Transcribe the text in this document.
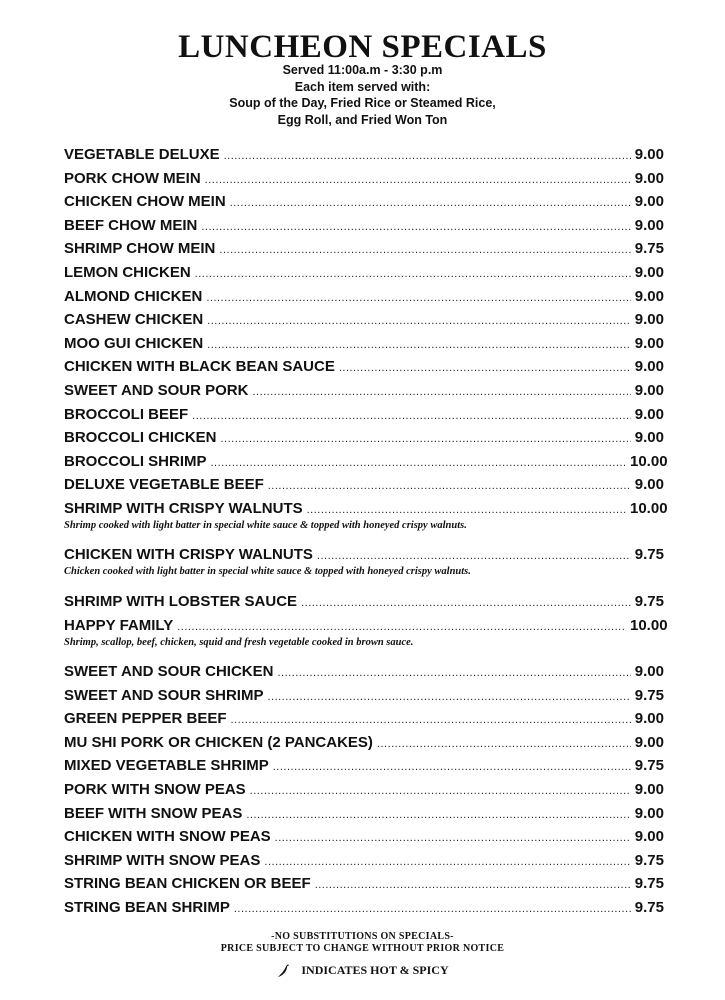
LUNCHEON SPECIALS
Served 11:00a.m - 3:30 p.m
Each item served with:
Soup of the Day, Fried Rice or Steamed Rice,
Egg Roll, and Fried Won Ton
VEGETABLE DELUXE .....	9.00
PORK CHOW MEIN .....	9.00
CHICKEN CHOW MEIN .....	9.00
BEEF CHOW MEIN .....	9.00
SHRIMP CHOW MEIN .....	9.75
LEMON CHICKEN .....	9.00
ALMOND CHICKEN .....	9.00
CASHEW CHICKEN .....	9.00
MOO GUI CHICKEN .....	9.00
CHICKEN WITH BLACK BEAN SAUCE .....	9.00
SWEET AND SOUR PORK .....	9.00
BROCCOLI BEEF .....	9.00
BROCCOLI CHICKEN .....	9.00
BROCCOLI SHRIMP .....	10.00
DELUXE VEGETABLE BEEF .....	9.00
SHRIMP WITH CRISPY WALNUTS .....	10.00
Shrimp cooked with light batter in special white sauce & topped with honeyed crispy walnuts.
CHICKEN WITH CRISPY WALNUTS .....	9.75
Chicken cooked with light batter in special white sauce & topped with honeyed crispy walnuts.
SHRIMP WITH LOBSTER SAUCE .....	9.75
HAPPY FAMILY .....	10.00
Shrimp, scallop, beef, chicken, squid and fresh vegetable cooked in brown sauce.
SWEET AND SOUR CHICKEN .....	9.00
SWEET AND SOUR SHRIMP .....	9.75
GREEN PEPPER BEEF .....	9.00
MU SHI PORK OR CHICKEN (2 PANCAKES) .....	9.00
MIXED VEGETABLE SHRIMP .....	9.75
PORK WITH SNOW PEAS .....	9.00
BEEF WITH SNOW PEAS .....	9.00
CHICKEN WITH SNOW PEAS .....	9.00
SHRIMP WITH SNOW PEAS .....	9.75
STRING BEAN CHICKEN OR BEEF .....	9.75
STRING BEAN SHRIMP .....	9.75
-NO SUBSTITUTIONS ON SPECIALS-
PRICE SUBJECT TO CHANGE WITHOUT PRIOR NOTICE
INDICATES HOT & SPICY
